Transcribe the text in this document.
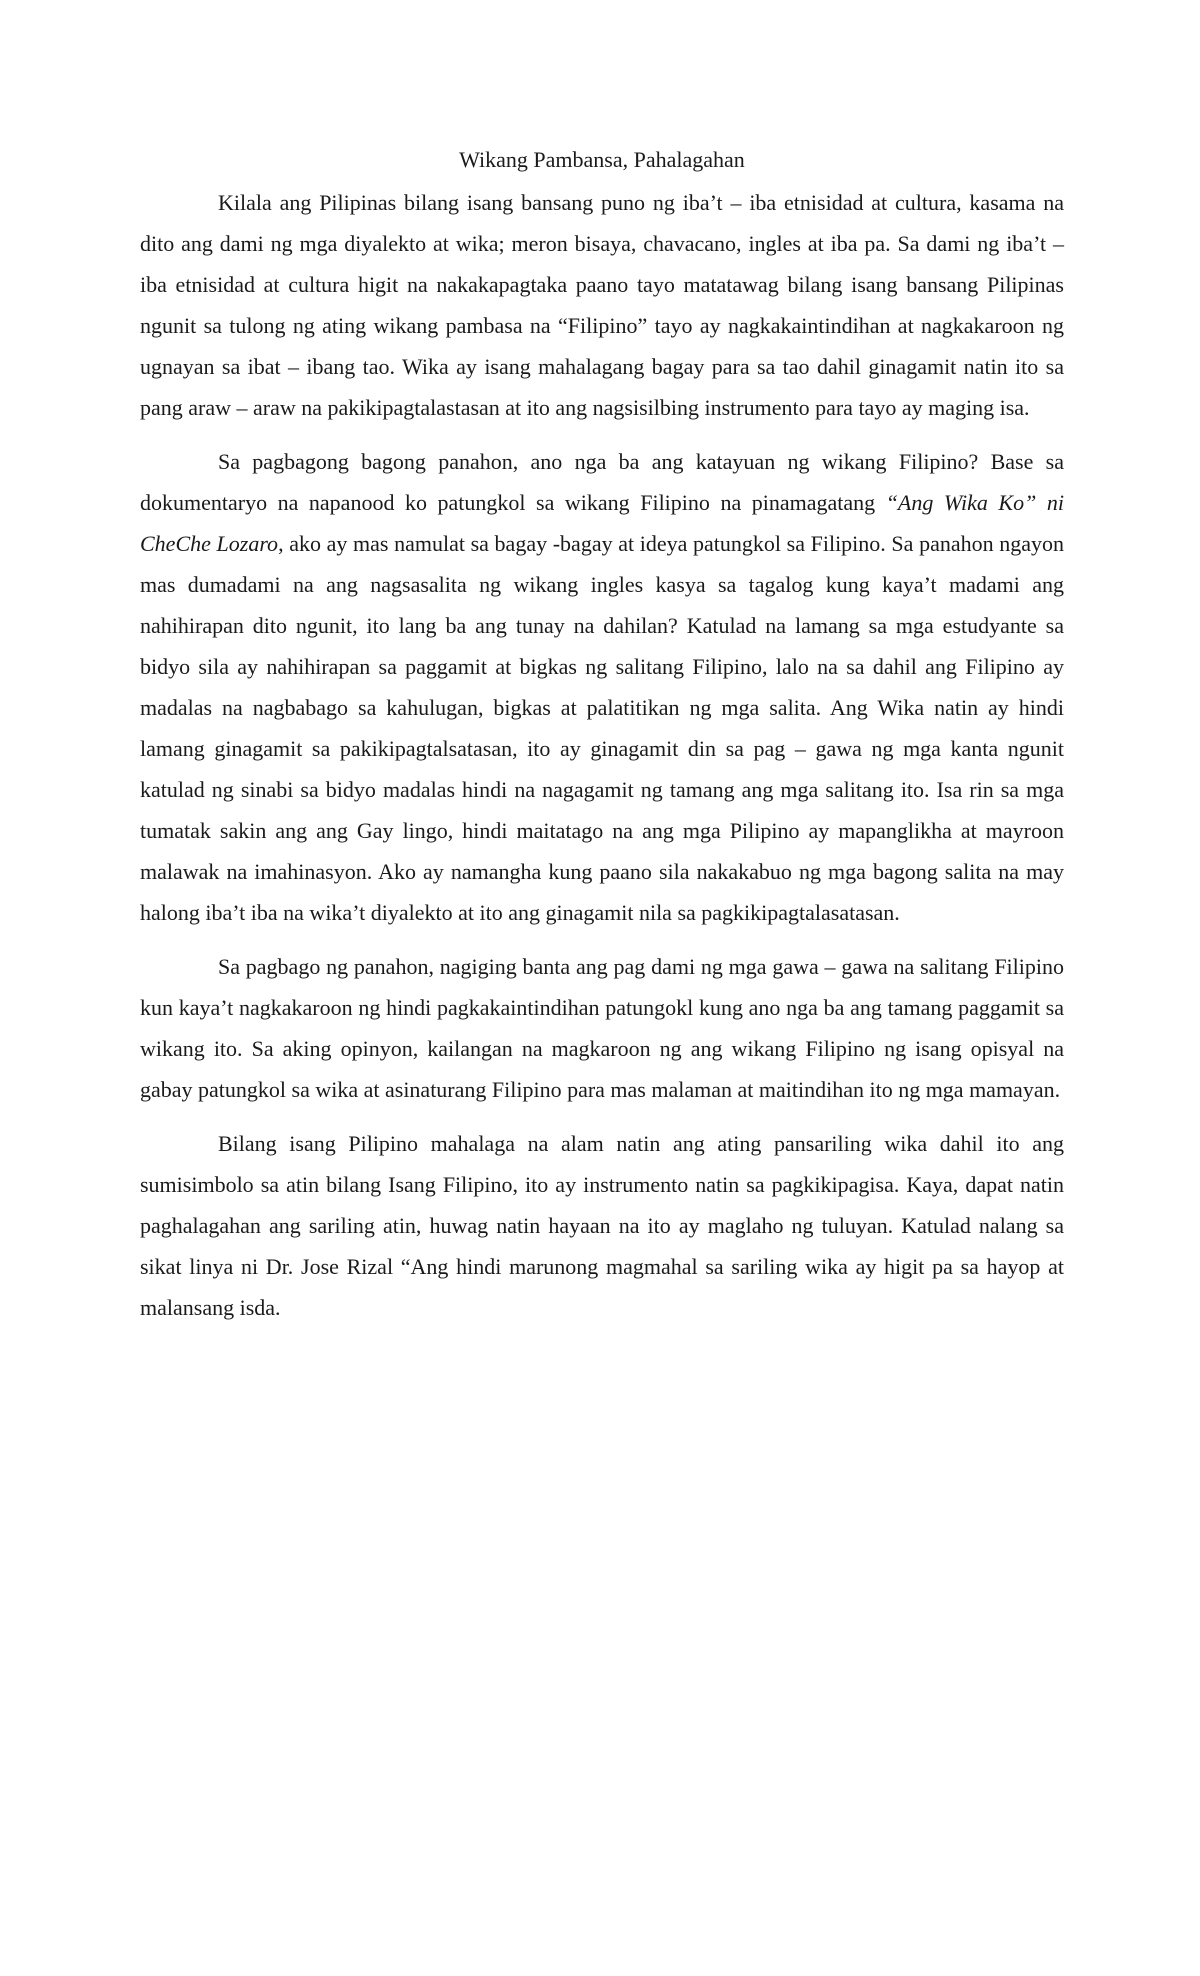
Wikang Pambansa, Pahalagahan

Kilala ang Pilipinas bilang isang bansang puno ng iba’t – iba etnisidad at cultura, kasama na dito ang dami ng mga diyalekto at wika; meron bisaya, chavacano, ingles at iba pa. Sa dami ng iba’t – iba etnisidad at cultura higit na nakakapagtaka paano tayo matatawag bilang isang bansang Pilipinas ngunit sa tulong ng ating wikang pambasa na “Filipino” tayo ay nagkakaintindihan at nagkakaroon ng ugnayan sa ibat – ibang tao. Wika ay isang mahalagang bagay para sa tao dahil ginagamit natin ito sa pang araw – araw na pakikipagtalastasan at ito ang nagsisilbing instrumento para tayo ay maging isa.

Sa pagbagong bagong panahon, ano nga ba ang katayuan ng wikang Filipino? Base sa dokumentaryo na napanood ko patungkol sa wikang Filipino na pinamagatang “Ang Wika Ko” ni CheChe Lozaro, ako ay mas namulat sa bagay -bagay at ideya patungkol sa Filipino. Sa panahon ngayon mas dumadami na ang nagsasalita ng wikang ingles kasya sa tagalog kung kaya’t madami ang nahihirapan dito ngunit, ito lang ba ang tunay na dahilan? Katulad na lamang sa mga estudyante sa bidyo sila ay nahihirapan sa paggamit at bigkas ng salitang Filipino, lalo na sa dahil ang Filipino ay madalas na nagbabago sa kahulugan, bigkas at palatitikan ng mga salita. Ang Wika natin ay hindi lamang ginagamit sa pakikipagtalsatasan, ito ay ginagamit din sa pag – gawa ng mga kanta ngunit katulad ng sinabi sa bidyo madalas hindi na nagagamit ng tamang ang mga salitang ito. Isa rin sa mga tumatak sakin ang ang Gay lingo, hindi maitatago na ang mga Pilipino ay mapanglikha at mayroon malawak na imahinasyon. Ako ay namangha kung paano sila nakakabuo ng mga bagong salita na may halong iba’t iba na wika’t diyalekto at ito ang ginagamit nila sa pagkikipagtalasatasan.

Sa pagbago ng panahon, nagiging banta ang pag dami ng mga gawa – gawa na salitang Filipino kun kaya’t nagkakaroon ng hindi pagkakaintindihan patungokl kung ano nga ba ang tamang paggamit sa wikang ito. Sa aking opinyon, kailangan na magkaroon ng ang wikang Filipino ng isang opisyal na gabay patungkol sa wika at asinaturang Filipino para mas malaman at maitindihan ito ng mga mamayan.

Bilang isang Pilipino mahalaga na alam natin ang ating pansariling wika dahil ito ang sumisimbolo sa atin bilang Isang Filipino, ito ay instrumento natin sa pagkikipagisa. Kaya, dapat natin paghalagahan ang sariling atin, huwag natin hayaan na ito ay maglaho ng tuluyan. Katulad nalang sa sikat linya ni Dr. Jose Rizal “Ang hindi marunong magmahal sa sariling wika ay higit pa sa hayop at malansang isda.
